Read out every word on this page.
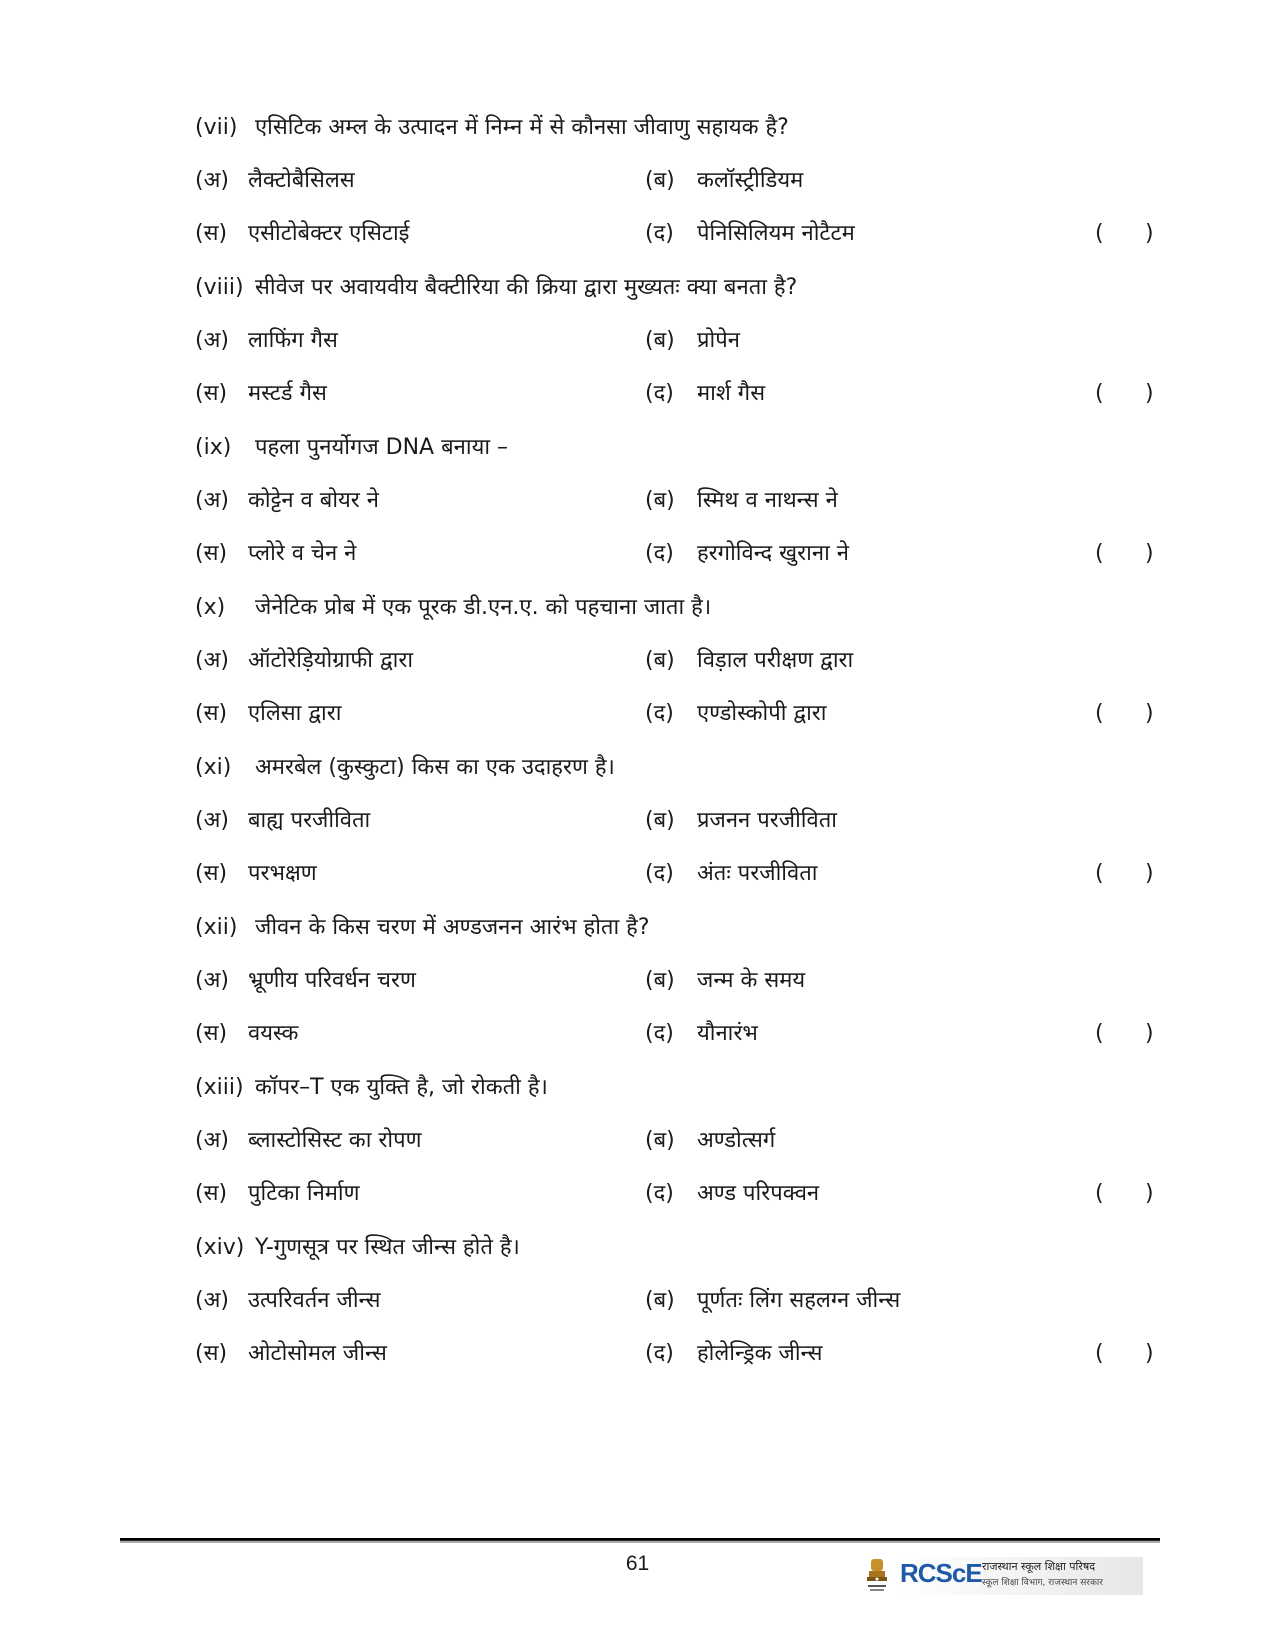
(vii) एसिटिक अम्ल के उत्पादन में निम्न में से कौनसा जीवाणु सहायक है?
(अ) लैक्टोबैसिलस	(ब) कलॉस्ट्रीडियम
(स) एसीटोबेक्टर एसिटाई	(द) पेनिसिलियम नोटैटम	( )
(viii) सीवेज पर अवायवीय बैक्टीरिया की क्रिया द्वारा मुख्यतः क्या बनता है?
(अ) लाफिंग गैस	(ब) प्रोपेन
(स) मस्टर्ड गैस	(द) मार्श गैस	( )
(ix) पहला पुनर्योगज DNA बनाया –
(अ) कोट्टेन व बोयर ने	(ब) स्मिथ व नाथन्स ने
(स) प्लोरे व चेन ने	(द) हरगोविन्द खुराना ने	( )
(x) जेनेटिक प्रोब में एक पूरक डी.एन.ए. को पहचाना जाता है।
(अ) ऑटोरेड़ियोग्राफी द्वारा	(ब) विड़ाल परीक्षण द्वारा
(स) एलिसा द्वारा	(द) एण्डोस्कोपी द्वारा	( )
(xi) अमरबेल (कुस्कुटा) किस का एक उदाहरण है।
(अ) बाह्य परजीविता	(ब) प्रजनन परजीविता
(स) परभक्षण	(द) अंतः परजीविता	( )
(xii) जीवन के किस चरण में अण्डजनन आरंभ होता है?
(अ) भ्रूणीय परिवर्धन चरण	(ब) जन्म के समय
(स) वयस्क	(द) यौनारंभ	( )
(xiii) कॉपर–T एक युक्ति है, जो रोकती है।
(अ) ब्लास्टोसिस्ट का रोपण	(ब) अण्डोत्सर्ग
(स) पुटिका निर्माण	(द) अण्ड परिपक्वन	( )
(xiv) Y-गुणसूत्र पर स्थित जीन्स होते है।
(अ) उत्परिवर्तन जीन्स	(ब) पूर्णतः लिंग सहलग्न जीन्स
(स) ओटोसोमल जीन्स	(द) होलेन्ड्रिक जीन्स	( )
61	RCScE राजस्थान स्कूल शिक्षा परिषद
स्कूल शिक्षा विभाग, राजस्थान सरकार
